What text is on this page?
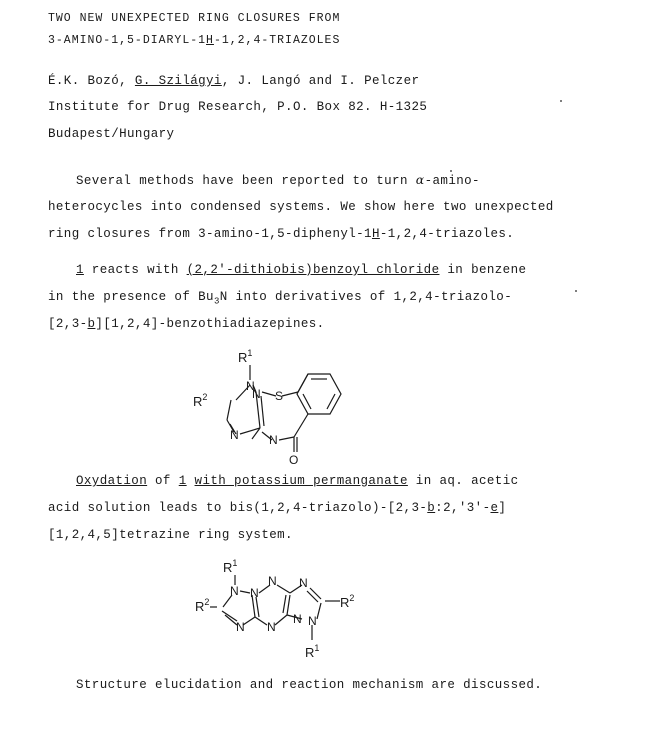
TWO NEW UNEXPECTED RING CLOSURES FROM
3-AMINO-1,5-DIARYL-1H-1,2,4-TRIAZOLES
É.K. Bozó, G. Szilágyi, J. Langó and I. Pelczer
Institute for Drug Research, P.O. Box 82. H-1325
Budapest/Hungary
Several methods have been reported to turn α-amino-
heterocycles into condensed systems. We show here two unexpected
ring closures from 3-amino-1,5-diphenyl-1H-1,2,4-triazoles.
1 reacts with (2,2'-dithiobis)benzoyl chloride in benzene
in the presence of $Bu_3N$ into derivatives of 1,2,4-triazolo-
[2,3-b][1,2,4]-benzothiadiazepines.
$R^1$
$R^2$
N
N
N	N
S
O
Oxydation of 1 with potassium permanganate in aq. acetic
acid solution leads to bis(1,2,4-triazolo)-[2,3-b:2,'3'-e]
[1,2,4,5]tetrazine ring system.
$R^1$
$R^2$	$R^2$
$R^1$
N N
N
N
N
N
N N
Structure elucidation and reaction mechanism are discussed.
